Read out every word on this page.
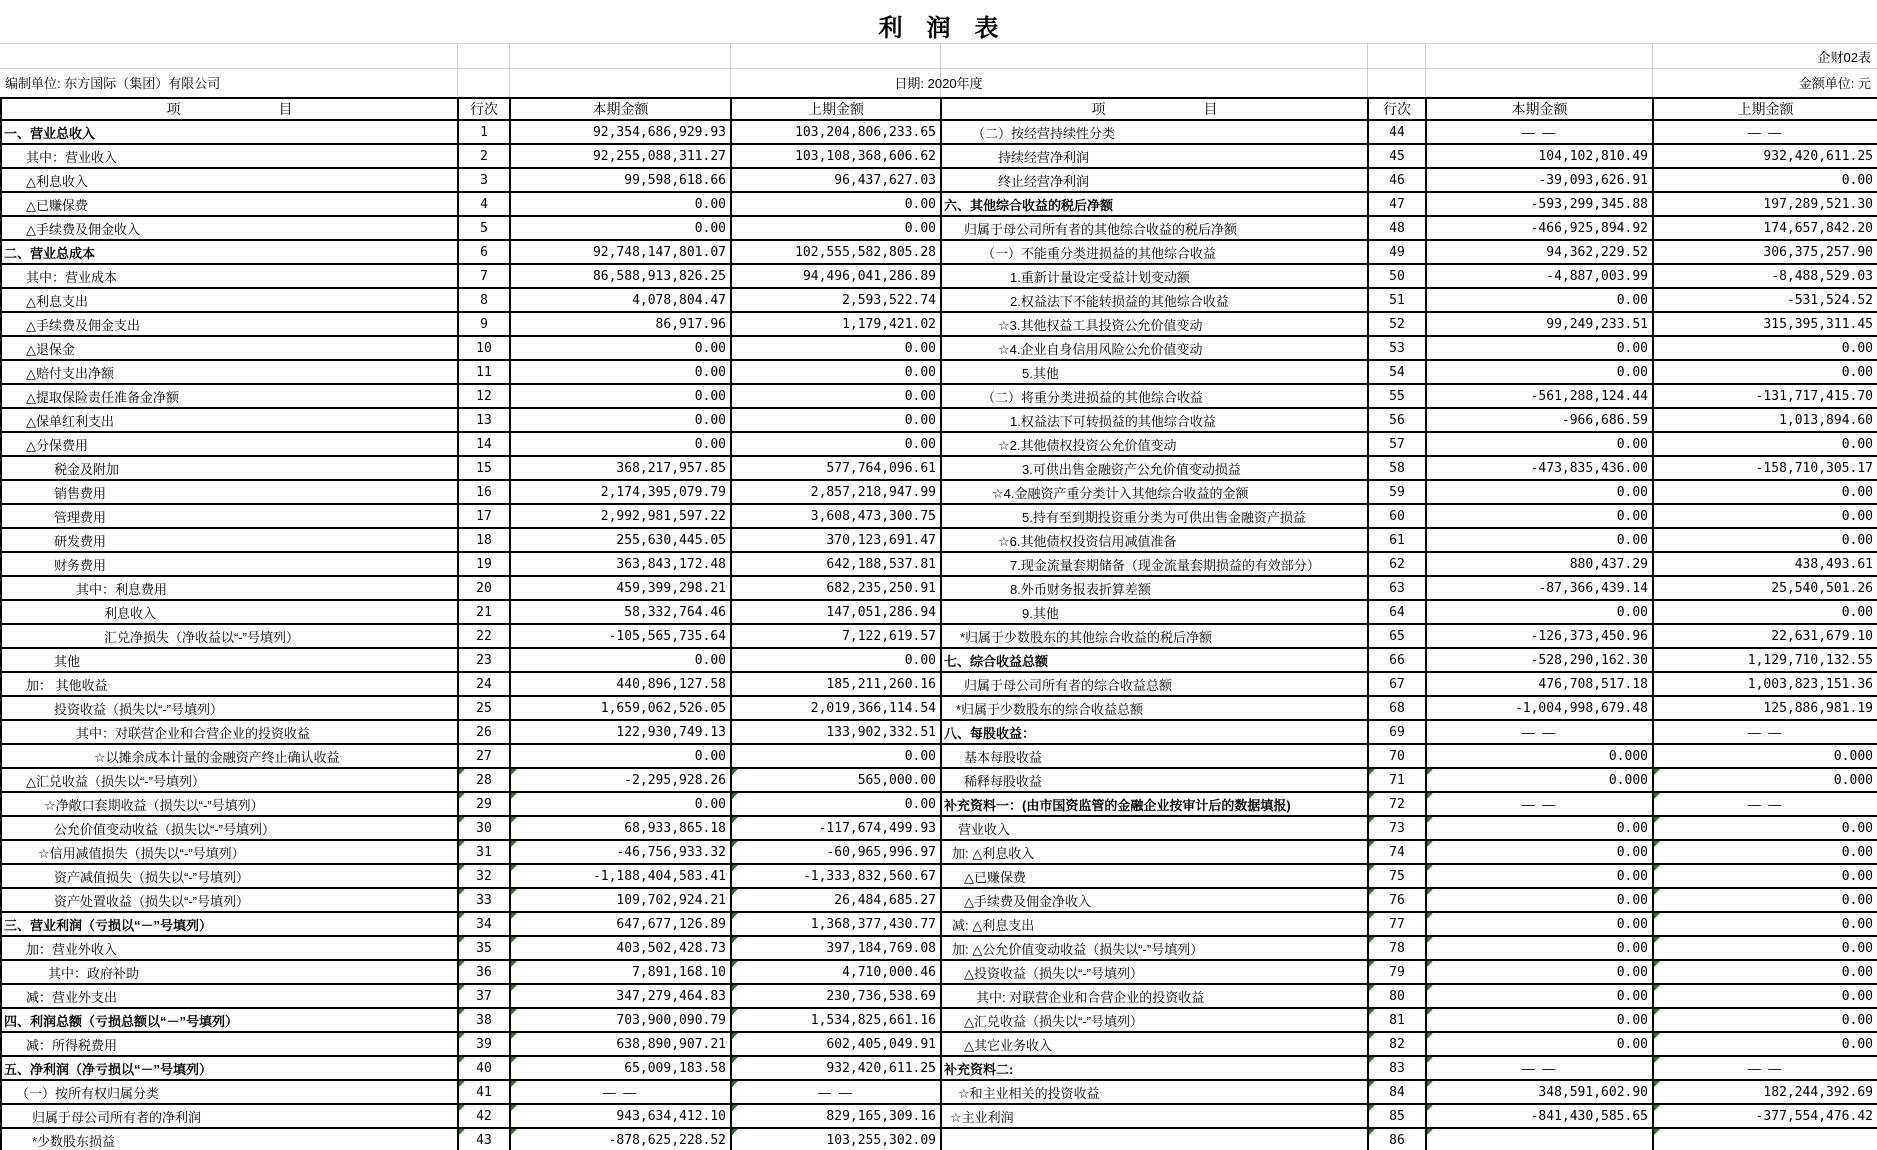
利　润　表
企财02表
编制单位: 东方国际（集团）有限公司	日期: 2020年度	金额单位: 元
项　　　　　　　目	行次	本期金额	上期金额
一、营业总收入	1	92,354,686,929.93	103,204,806,233.65
其中：营业收入	2	92,255,088,311.27	103,108,368,606.62
△利息收入	3	99,598,618.66	96,437,627.03
△已赚保费	4	0.00	0.00
△手续费及佣金收入	5	0.00	0.00
二、营业总成本	6	92,748,147,801.07	102,555,582,805.28
其中：营业成本	7	86,588,913,826.25	94,496,041,286.89
△利息支出	8	4,078,804.47	2,593,522.74
△手续费及佣金支出	9	86,917.96	1,179,421.02
△退保金	10	0.00	0.00
△赔付支出净额	11	0.00	0.00
△提取保险责任准备金净额	12	0.00	0.00
△保单红利支出	13	0.00	0.00
△分保费用	14	0.00	0.00
税金及附加	15	368,217,957.85	577,764,096.61
销售费用	16	2,174,395,079.79	2,857,218,947.99
管理费用	17	2,992,981,597.22	3,608,473,300.75
研发费用	18	255,630,445.05	370,123,691.47
财务费用	19	363,843,172.48	642,188,537.81
其中：利息费用	20	459,399,298.21	682,235,250.91
利息收入	21	58,332,764.46	147,051,286.94
汇兑净损失（净收益以“-”号填列）	22	-105,565,735.64	7,122,619.57
其他	23	0.00	0.00
加： 其他收益	24	440,896,127.58	185,211,260.16
投资收益（损失以“-”号填列）	25	1,659,062,526.05	2,019,366,114.54
其中：对联营企业和合营企业的投资收益	26	122,930,749.13	133,902,332.51
☆以摊余成本计量的金融资产终止确认收益	27	0.00	0.00
△汇兑收益（损失以“-”号填列）	28	-2,295,928.26	565,000.00
☆净敞口套期收益（损失以“-”号填列）	29	0.00	0.00
公允价值变动收益（损失以“-”号填列）	30	68,933,865.18	-117,674,499.93
☆信用减值损失（损失以“-”号填列）	31	-46,756,933.32	-60,965,996.97
资产减值损失（损失以“-”号填列）	32	-1,188,404,583.41	-1,333,832,560.67
资产处置收益（损失以“-”号填列）	33	109,702,924.21	26,484,685.27
三、营业利润（亏损以“－”号填列）	34	647,677,126.89	1,368,377,430.77
加：营业外收入	35	403,502,428.73	397,184,769.08
其中：政府补助	36	7,891,168.10	4,710,000.46
减：营业外支出	37	347,279,464.83	230,736,538.69
四、利润总额（亏损总额以“－”号填列）	38	703,900,090.79	1,534,825,661.16
减：所得税费用	39	638,890,907.21	602,405,049.91
五、净利润（净亏损以“－”号填列）	40	65,009,183.58	932,420,611.25
（一）按所有权归属分类	41	— —	— —
归属于母公司所有者的净利润	42	943,634,412.10	829,165,309.16
*少数股东损益	43	-878,625,228.52	103,255,302.09
项　　　　　　　目	行次	本期金额	上期金额
（二）按经营持续性分类	44	— —	— —
持续经营净利润	45	104,102,810.49	932,420,611.25
终止经营净利润	46	-39,093,626.91	0.00
六、其他综合收益的税后净额	47	-593,299,345.88	197,289,521.30
归属于母公司所有者的其他综合收益的税后净额	48	-466,925,894.92	174,657,842.20
（一）不能重分类进损益的其他综合收益	49	94,362,229.52	306,375,257.90
1.重新计量设定受益计划变动额	50	-4,887,003.99	-8,488,529.03
2.权益法下不能转损益的其他综合收益	51	0.00	-531,524.52
☆3.其他权益工具投资公允价值变动	52	99,249,233.51	315,395,311.45
☆4.企业自身信用风险公允价值变动	53	0.00	0.00
5.其他	54	0.00	0.00
（二）将重分类进损益的其他综合收益	55	-561,288,124.44	-131,717,415.70
1.权益法下可转损益的其他综合收益	56	-966,686.59	1,013,894.60
☆2.其他债权投资公允价值变动	57	0.00	0.00
3.可供出售金融资产公允价值变动损益	58	-473,835,436.00	-158,710,305.17
☆4.金融资产重分类计入其他综合收益的金额	59	0.00	0.00
5.持有至到期投资重分类为可供出售金融资产损益	60	0.00	0.00
☆6.其他债权投资信用减值准备	61	0.00	0.00
7.现金流量套期储备（现金流量套期损益的有效部分）	62	880,437.29	438,493.61
8.外币财务报表折算差额	63	-87,366,439.14	25,540,501.26
9.其他	64	0.00	0.00
*归属于少数股东的其他综合收益的税后净额	65	-126,373,450.96	22,631,679.10
七、综合收益总额	66	-528,290,162.30	1,129,710,132.55
归属于母公司所有者的综合收益总额	67	476,708,517.18	1,003,823,151.36
*归属于少数股东的综合收益总额	68	-1,004,998,679.48	125,886,981.19
八、每股收益：	69	— —	— —
基本每股收益	70	0.000	0.000
稀释每股收益	71	0.000	0.000
补充资料一：(由市国资监管的金融企业按审计后的数据填报)	72	— —	— —
营业收入	73	0.00	0.00
加: △利息收入	74	0.00	0.00
△已赚保费	75	0.00	0.00
△手续费及佣金净收入	76	0.00	0.00
减: △利息支出	77	0.00	0.00
加: △公允价值变动收益（损失以“-”号填列）	78	0.00	0.00
△投资收益（损失以“-”号填列）	79	0.00	0.00
其中: 对联营企业和合营企业的投资收益	80	0.00	0.00
△汇兑收益（损失以“-”号填列）	81	0.00	0.00
△其它业务收入	82	0.00	0.00
补充资料二:	83	— —	— —
☆和主业相关的投资收益	84	348,591,602.90	182,244,392.69
☆主业利润	85	-841,430,585.65	-377,554,476.42
	86		
